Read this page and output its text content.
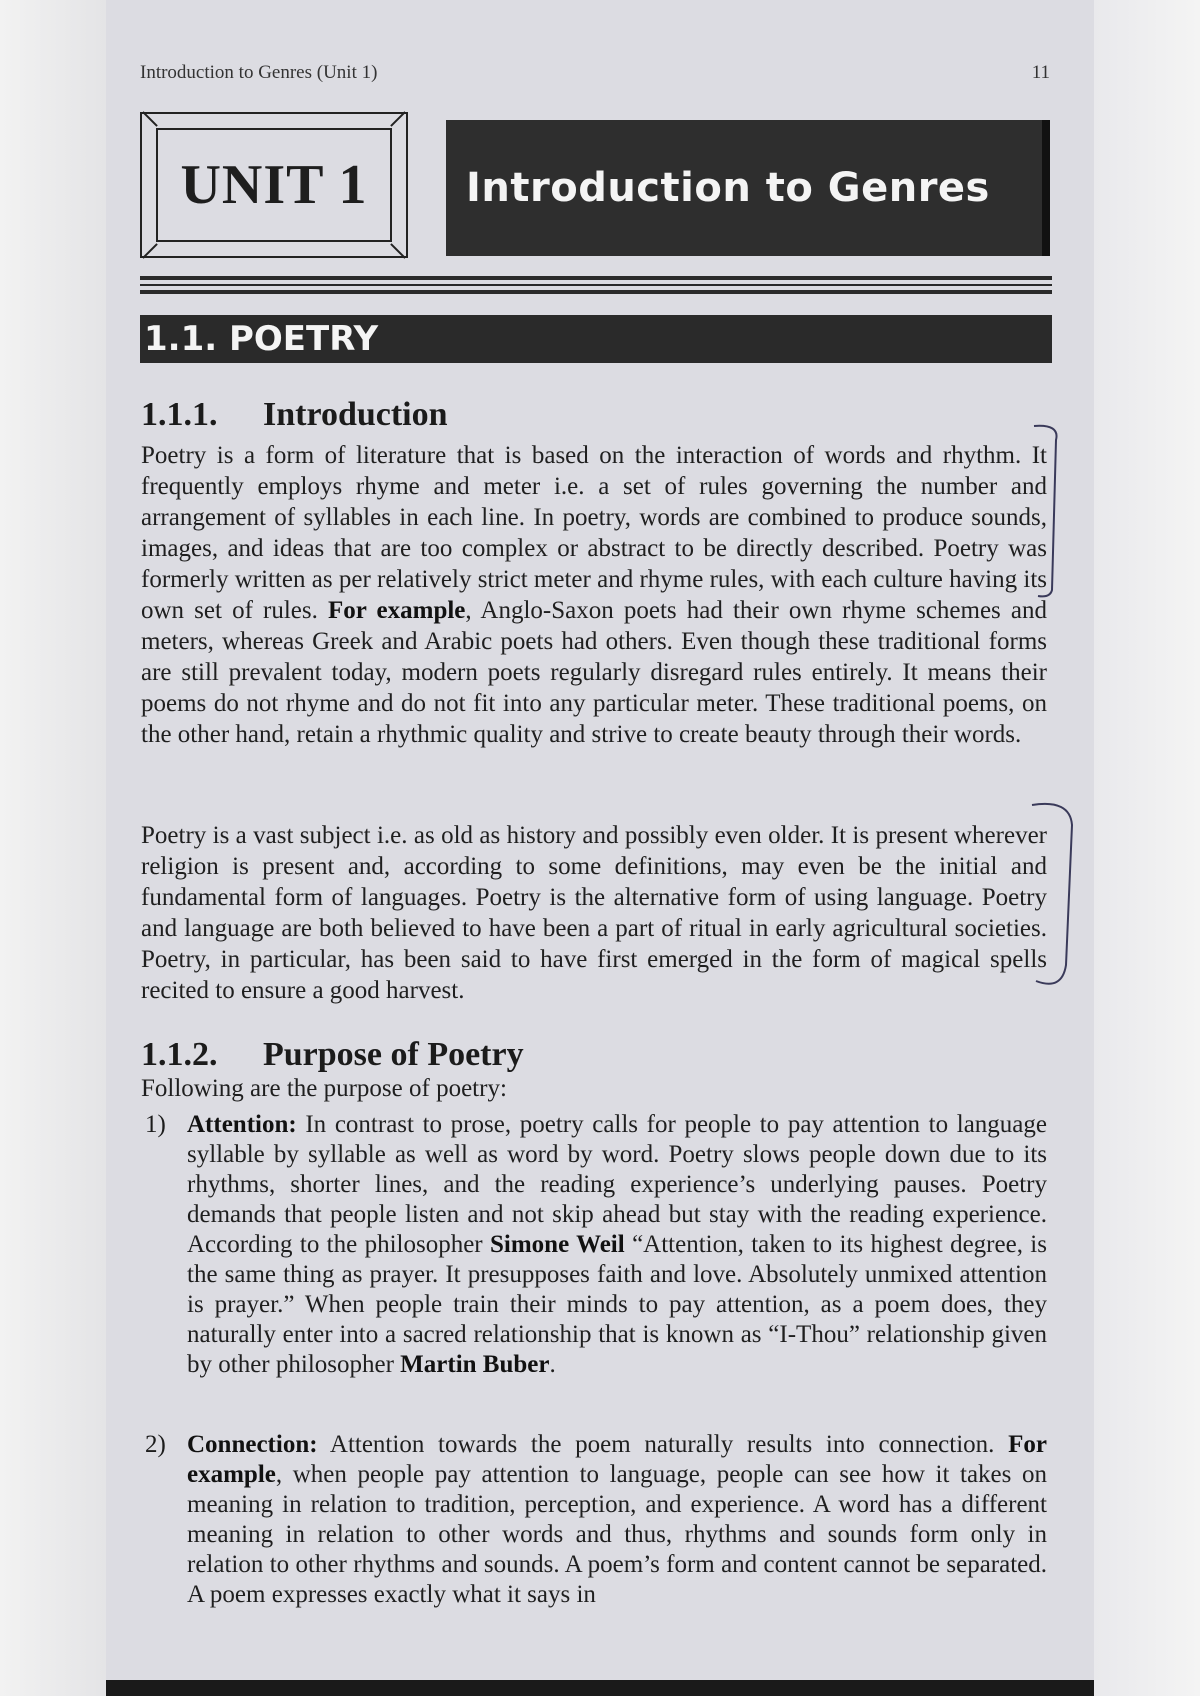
Introduction to Genres (Unit 1)	11
UNIT 1	Introduction to Genres
1.1. POETRY
1.1.1. Introduction

Poetry is a form of literature that is based on the interaction of words and rhythm. It frequently employs rhyme and meter i.e. a set of rules governing the number and arrangement of syllables in each line. In poetry, words are combined to produce sounds, images, and ideas that are too complex or abstract to be directly described. Poetry was formerly written as per relatively strict meter and rhyme rules, with each culture having its own set of rules. For example, Anglo-Saxon poets had their own rhyme schemes and meters, whereas Greek and Arabic poets had others. Even though these traditional forms are still prevalent today, modern poets regularly disregard rules entirely. It means their poems do not rhyme and do not fit into any particular meter. These traditional poems, on the other hand, retain a rhythmic quality and strive to create beauty through their words.

Poetry is a vast subject i.e. as old as history and possibly even older. It is present wherever religion is present and, according to some definitions, may even be the initial and fundamental form of languages. Poetry is the alternative form of using language. Poetry and language are both believed to have been a part of ritual in early agricultural societies. Poetry, in particular, has been said to have first emerged in the form of magical spells recited to ensure a good harvest.

1.1.2. Purpose of Poetry

Following are the purpose of poetry:

1) Attention: In contrast to prose, poetry calls for people to pay attention to language syllable by syllable as well as word by word. Poetry slows people down due to its rhythms, shorter lines, and the reading experience’s underlying pauses. Poetry demands that people listen and not skip ahead but stay with the reading experience. According to the philosopher Simone Weil “Attention, taken to its highest degree, is the same thing as prayer. It presupposes faith and love. Absolutely unmixed attention is prayer.” When people train their minds to pay attention, as a poem does, they naturally enter into a sacred relationship that is known as “I-Thou” relationship given by other philosopher Martin Buber.
2) Connection: Attention towards the poem naturally results into connection. For example, when people pay attention to language, people can see how it takes on meaning in relation to tradition, perception, and experience. A word has a different meaning in relation to other words and thus, rhythms and sounds form only in relation to other rhythms and sounds. A poem’s form and content cannot be separated. A poem expresses exactly what it says in
